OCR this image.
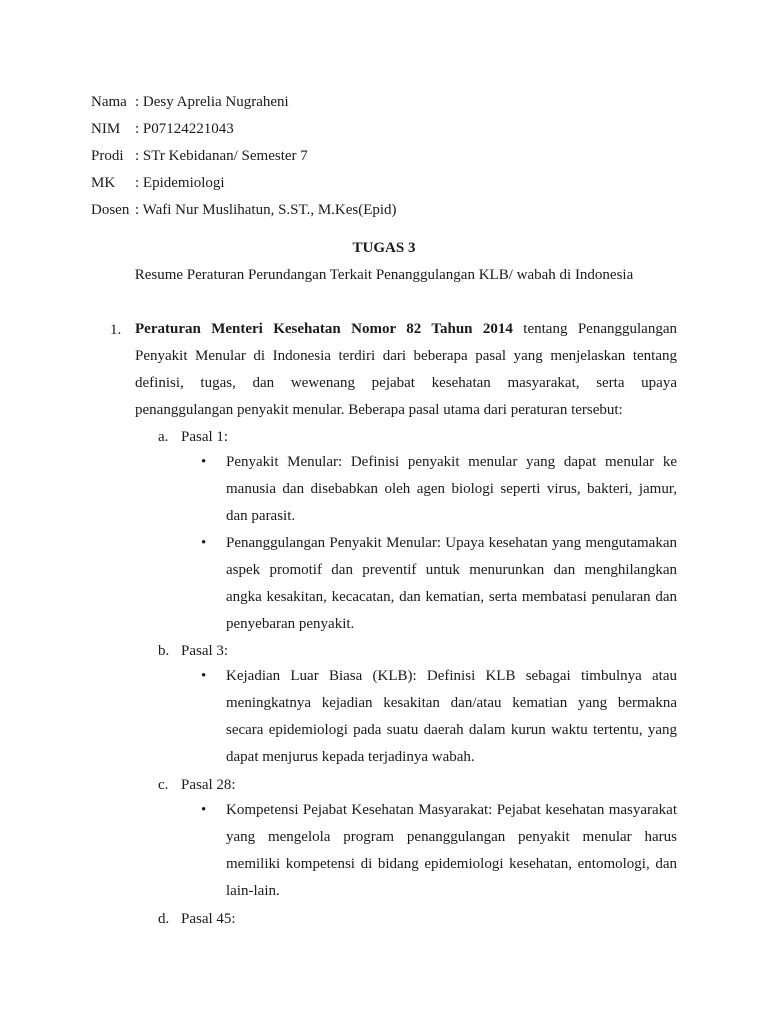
Nama : Desy Aprelia Nugraheni
NIM : P07124221043
Prodi : STr Kebidanan/ Semester 7
MK : Epidemiologi
Dosen : Wafi Nur Muslihatun, S.ST., M.Kes(Epid)
TUGAS 3
Resume Peraturan Perundangan Terkait Penanggulangan KLB/ wabah di Indonesia
1. Peraturan Menteri Kesehatan Nomor 82 Tahun 2014 tentang Penanggulangan
Penyakit Menular di Indonesia terdiri dari beberapa pasal yang menjelaskan tentang
definisi, tugas, dan wewenang pejabat kesehatan masyarakat, serta upaya
penanggulangan penyakit menular. Beberapa pasal utama dari peraturan tersebut:
a. Pasal 1:
• Penyakit Menular: Definisi penyakit menular yang dapat menular ke
manusia dan disebabkan oleh agen biologi seperti virus, bakteri, jamur,
dan parasit.
• Penanggulangan Penyakit Menular: Upaya kesehatan yang mengutamakan
aspek promotif dan preventif untuk menurunkan dan menghilangkan
angka kesakitan, kecacatan, dan kematian, serta membatasi penularan dan
penyebaran penyakit.
b. Pasal 3:
• Kejadian Luar Biasa (KLB): Definisi KLB sebagai timbulnya atau
meningkatnya kejadian kesakitan dan/atau kematian yang bermakna
secara epidemiologi pada suatu daerah dalam kurun waktu tertentu, yang
dapat menjurus kepada terjadinya wabah.
c. Pasal 28:
• Kompetensi Pejabat Kesehatan Masyarakat: Pejabat kesehatan masyarakat
yang mengelola program penanggulangan penyakit menular harus
memiliki kompetensi di bidang epidemiologi kesehatan, entomologi, dan
lain-lain.
d. Pasal 45:
